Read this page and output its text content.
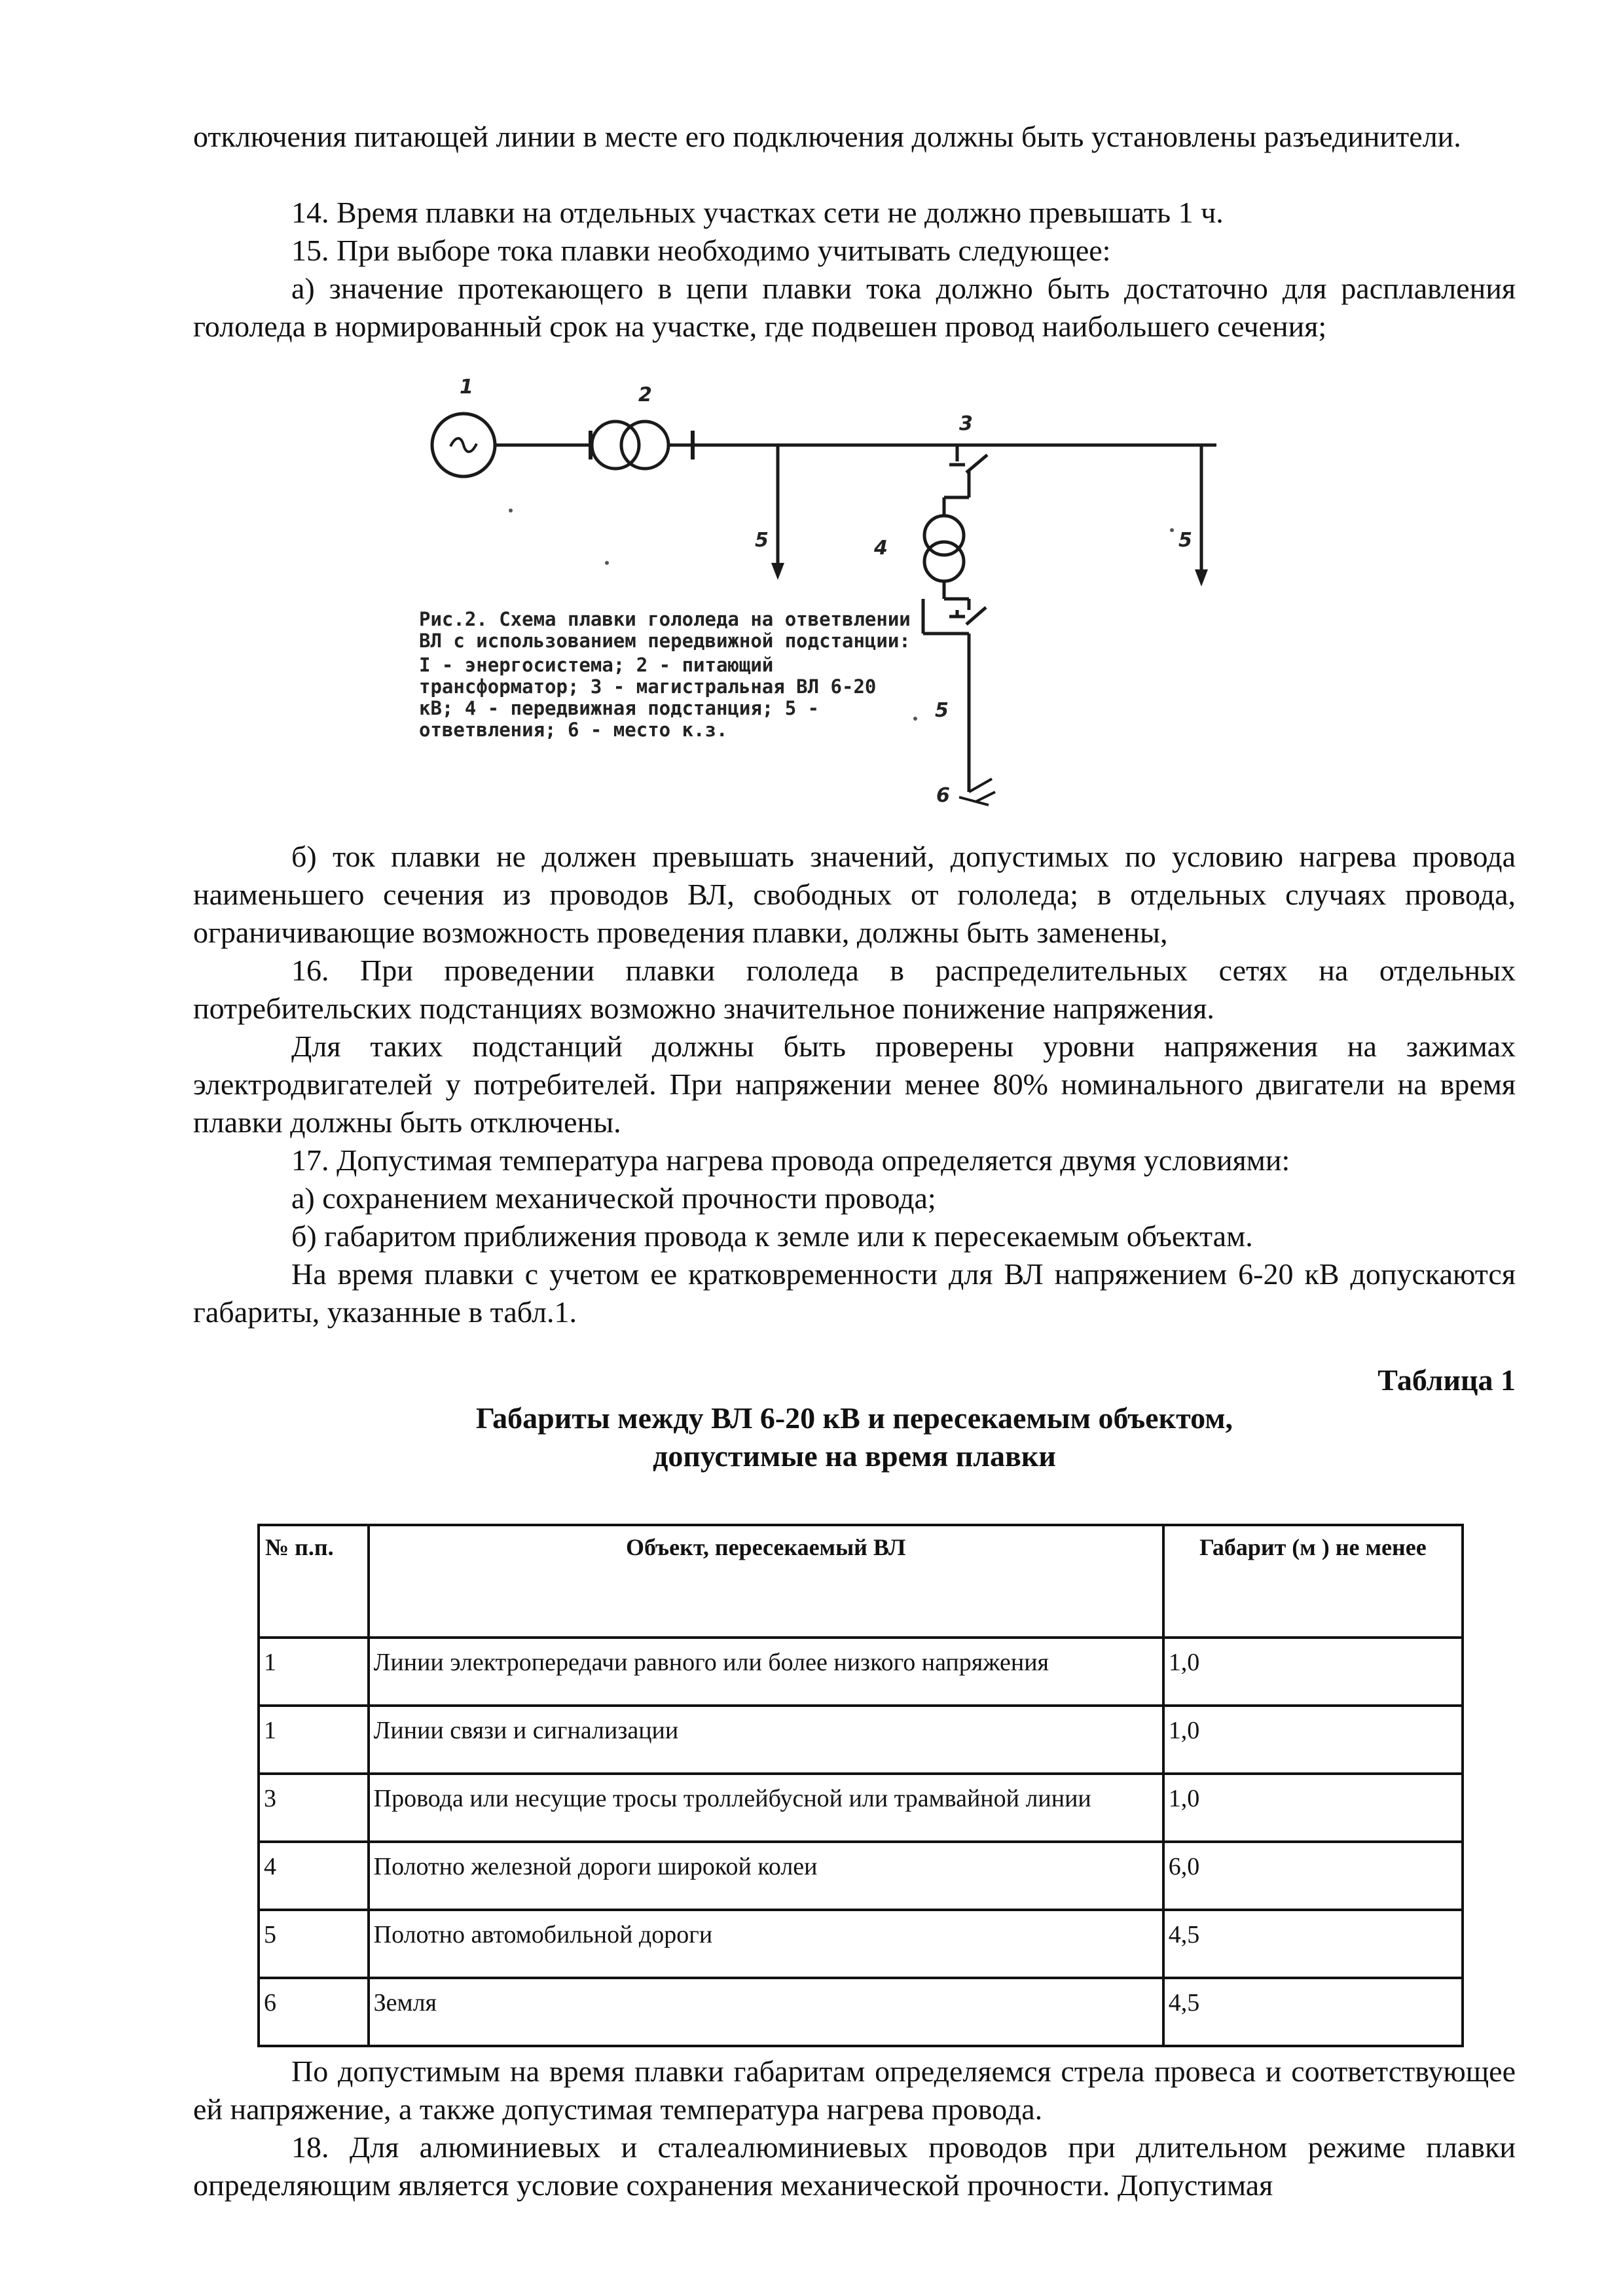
отключения питающей линии в месте его подключения должны быть установлены разъединители.
14. Время плавки на отдельных участках сети не должно превышать 1 ч.
15. При выборе тока плавки необходимо учитывать следующее:
а) значение протекающего в цепи плавки тока должно быть достаточно для расплавления гололеда в нормированный срок на участке, где подвешен провод наибольшего сечения;
1	2
3
5	4	5
5
6

Рис.2. Схема плавки гололеда на ответвлении ВЛ с использованием передвижной подстанции:

I - энергосистема; 2 - питающий трансформатор; 3 - магистральная ВЛ 6-20 кВ; 4 - передвижная подстанция; 5 - ответвления; 6 - место к.з.

б) ток плавки не должен превышать значений, допустимых по условию нагрева провода наименьшего сечения из проводов ВЛ, свободных от гололеда; в отдельных случаях провода, ограничивающие возможность проведения плавки, должны быть заменены,
16. При проведении плавки гололеда в распределительных сетях на отдельных потребительских подстанциях возможно значительное понижение напряжения.
Для таких подстанций должны быть проверены уровни напряжения на зажимах электродвигателей у потребителей. При напряжении менее 80% номинального двигатели на время плавки должны быть отключены.
17. Допустимая температура нагрева провода определяется двумя условиями:
а) сохранением механической прочности провода;
б) габаритом приближения провода к земле или к пересекаемым объектам.
На время плавки с учетом ее кратковременности для ВЛ напряжением 6-20 кВ допускаются габариты, указанные в табл.1.
Таблица 1
Габариты между ВЛ 6-20 кВ и пересекаемым объектом,
допустимые на время плавки
№ п.п.	Объект, пересекаемый ВЛ	Габарит (м ) не менее
1	Линии электропередачи равного или более низкого напряжения	1,0
1	Линии связи и сигнализации	1,0
3	Провода или несущие тросы троллейбусной или трамвайной линии	1,0
4	Полотно железной дороги широкой колеи	6,0
5	Полотно автомобильной дороги	4,5
6	Земля	4,5
По допустимым на время плавки габаритам определяемся стрела провеса и соответствующее ей напряжение, а также допустимая температура нагрева провода.
18. Для алюминиевых и сталеалюминиевых проводов при длительном режиме плавки определяющим является условие сохранения механической прочности. Допустимая
